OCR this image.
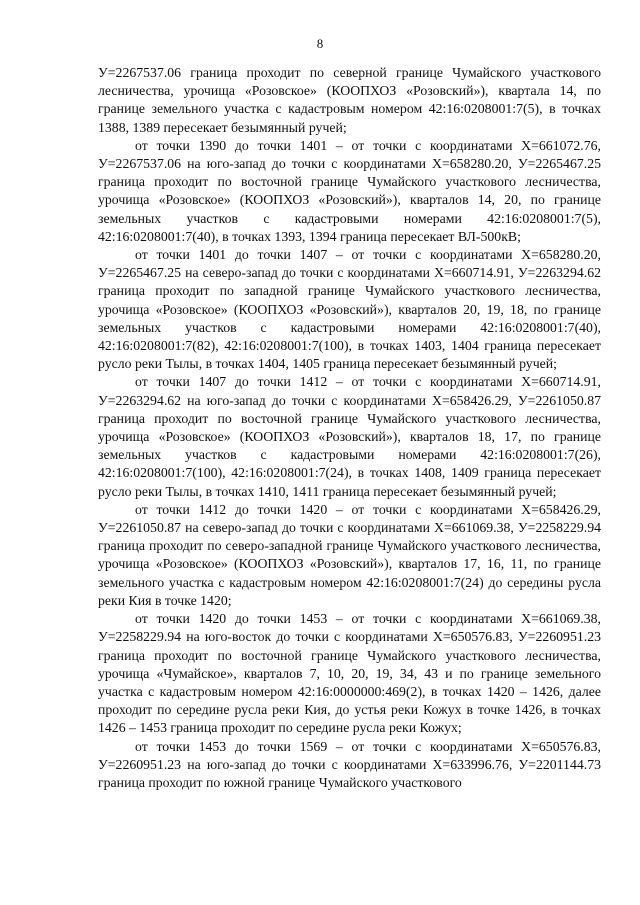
8

У=2267537.06 граница проходит по северной границе Чумайского участкового лесничества, урочища «Розовское» (КООПХОЗ «Розовский»), квартала 14, по границе земельного участка с кадастровым номером 42:16:0208001:7(5), в точках 1388, 1389 пересекает безымянный ручей;

от точки 1390 до точки 1401 – от точки с координатами Х=661072.76, У=2267537.06 на юго-запад до точки с координатами Х=658280.20, У=2265467.25 граница проходит по восточной границе Чумайского участкового лесничества, урочища «Розовское» (КООПХОЗ «Розовский»), кварталов 14, 20, по границе земельных участков с кадастровыми номерами 42:16:0208001:7(5), 42:16:0208001:7(40), в точках 1393, 1394 граница пересекает ВЛ-500кВ;

от точки 1401 до точки 1407 – от точки с координатами Х=658280.20, У=2265467.25 на северо-запад до точки с координатами Х=660714.91, У=2263294.62 граница проходит по западной границе Чумайского участкового лесничества, урочища «Розовское» (КООПХОЗ «Розовский»), кварталов 20, 19, 18, по границе земельных участков с кадастровыми номерами 42:16:0208001:7(40), 42:16:0208001:7(82), 42:16:0208001:7(100), в точках 1403, 1404 граница пересекает русло реки Тылы, в точках 1404, 1405 граница пересекает безымянный ручей;

от точки 1407 до точки 1412 – от точки с координатами Х=660714.91, У=2263294.62 на юго-запад до точки с координатами Х=658426.29, У=2261050.87 граница проходит по восточной границе Чумайского участкового лесничества, урочища «Розовское» (КООПХОЗ «Розовский»), кварталов 18, 17, по границе земельных участков с кадастровыми номерами 42:16:0208001:7(26), 42:16:0208001:7(100), 42:16:0208001:7(24), в точках 1408, 1409 граница пересекает русло реки Тылы, в точках 1410, 1411 граница пересекает безымянный ручей;

от точки 1412 до точки 1420 – от точки с координатами Х=658426.29, У=2261050.87 на северо-запад до точки с координатами Х=661069.38, У=2258229.94 граница проходит по северо-западной границе Чумайского участкового лесничества, урочища «Розовское» (КООПХОЗ «Розовский»), кварталов 17, 16, 11, по границе земельного участка с кадастровым номером 42:16:0208001:7(24) до середины русла реки Кия в точке 1420;

от точки 1420 до точки 1453 – от точки с координатами Х=661069.38, У=2258229.94 на юго-восток до точки с координатами Х=650576.83, У=2260951.23 граница проходит по восточной границе Чумайского участкового лесничества, урочища «Чумайское», кварталов 7, 10, 20, 19, 34, 43 и по границе земельного участка с кадастровым номером 42:16:0000000:469(2), в точках 1420 – 1426, далее проходит по середине русла реки Кия, до устья реки Кожух в точке 1426, в точках 1426 – 1453 граница проходит по середине русла реки Кожух;

от точки 1453 до точки 1569 – от точки с координатами Х=650576.83, У=2260951.23 на юго-запад до точки с координатами Х=633996.76, У=2201144.73 граница проходит по южной границе Чумайского участкового
